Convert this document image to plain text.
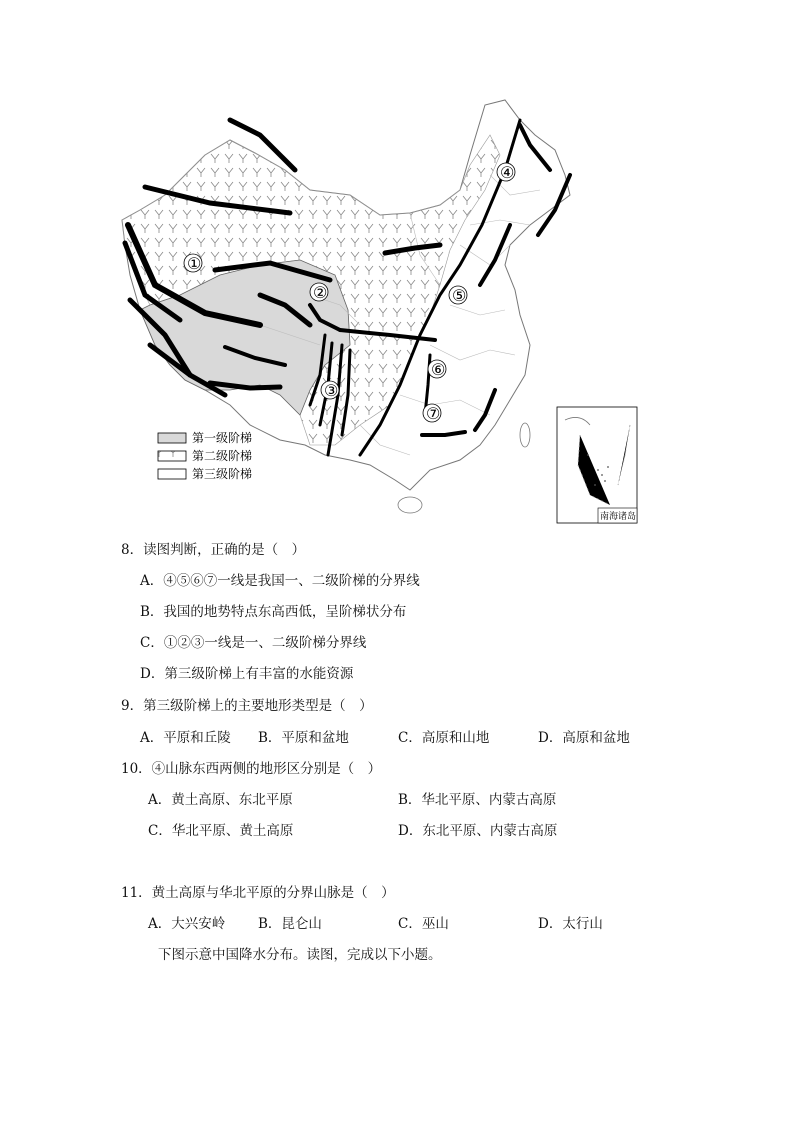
①
②
③
④
⑤
⑥
⑦
第一级阶梯
第二级阶梯
第三级阶梯
南海诸岛
8．读图判断，正确的是（　）
A．④⑤⑥⑦一线是我国一、二级阶梯的分界线
B．我国的地势特点东高西低，呈阶梯状分布
C．①②③一线是一、二级阶梯分界线
D．第三级阶梯上有丰富的水能资源
9．第三级阶梯上的主要地形类型是（　）
A．平原和丘陵 B．平原和盆地	C．高原和山地	D．高原和盆地
10．④山脉东西两侧的地形区分别是（　）
A．黄土高原、东北平原	B．华北平原、内蒙古高原
C．华北平原、黄土高原	D．东北平原、内蒙古高原
11．黄土高原与华北平原的分界山脉是（　）
A．大兴安岭 B．昆仑山	C．巫山	D．太行山
下图示意中国降水分布。读图，完成以下小题。
